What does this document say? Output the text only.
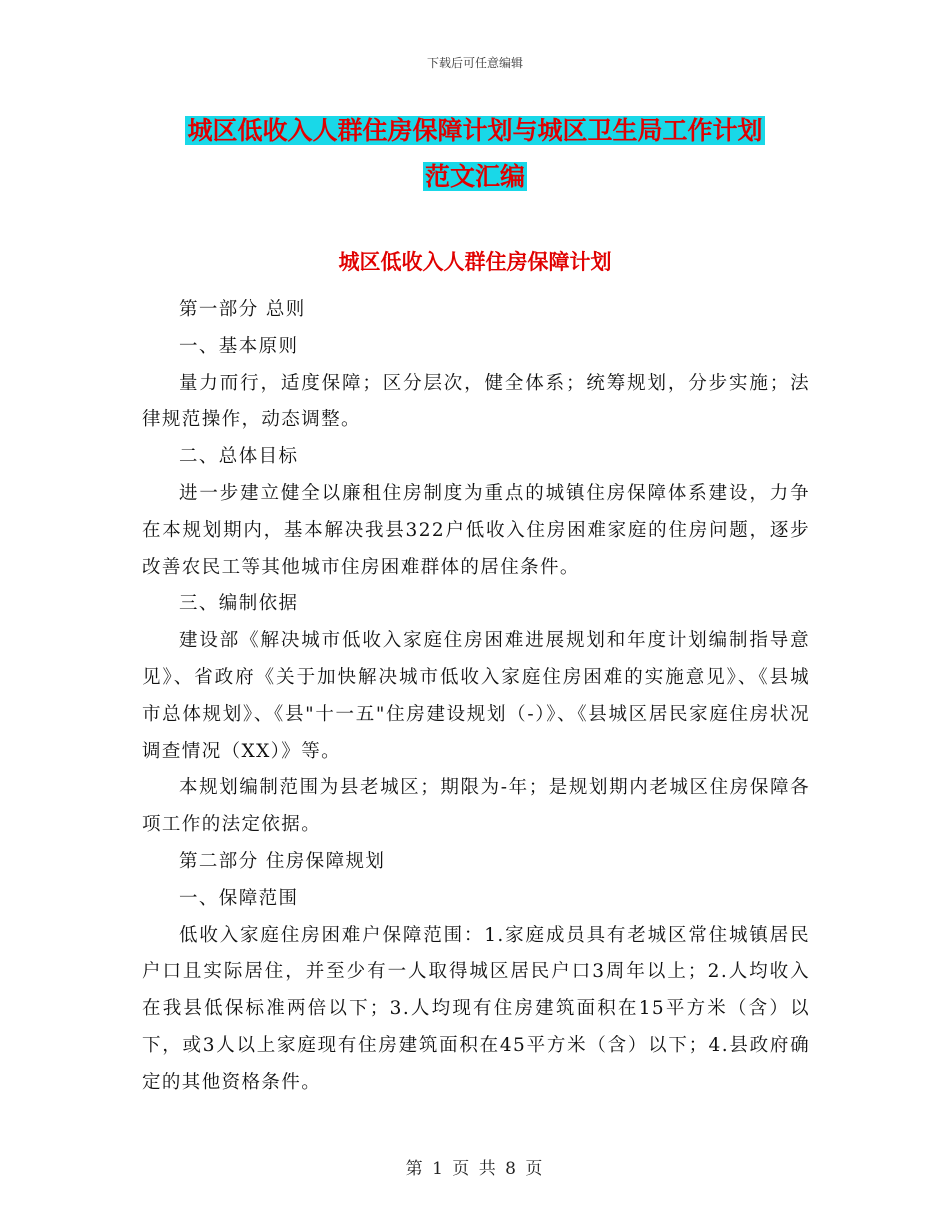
下载后可任意编辑
城区低收入人群住房保障计划与城区卫生局工作计划
范文汇编
城区低收入人群住房保障计划

第一部分 总则

一、基本原则

量力而行，适度保障；区分层次，健全体系；统筹规划，分步实施；法律规范操作，动态调整。

二、总体目标

进一步建立健全以廉租住房制度为重点的城镇住房保障体系建设，力争在本规划期内，基本解决我县322户低收入住房困难家庭的住房问题，逐步改善农民工等其他城市住房困难群体的居住条件。

三、编制依据

建设部《解决城市低收入家庭住房困难进展规划和年度计划编制指导意见》、省政府《关于加快解决城市低收入家庭住房困难的实施意见》、《县城市总体规划》、《县"十一五"住房建设规划（-）》、《县城区居民家庭住房状况调查情况（XX）》等。

本规划编制范围为县老城区；期限为-年；是规划期内老城区住房保障各项工作的法定依据。

第二部分 住房保障规划

一、保障范围

低收入家庭住房困难户保障范围：1.家庭成员具有老城区常住城镇居民户口且实际居住，并至少有一人取得城区居民户口3周年以上；2.人均收入在我县低保标准两倍以下；3.人均现有住房建筑面积在15平方米（含）以下，或3人以上家庭现有住房建筑面积在45平方米（含）以下；4.县政府确定的其他资格条件。

第 1 页 共 8 页
